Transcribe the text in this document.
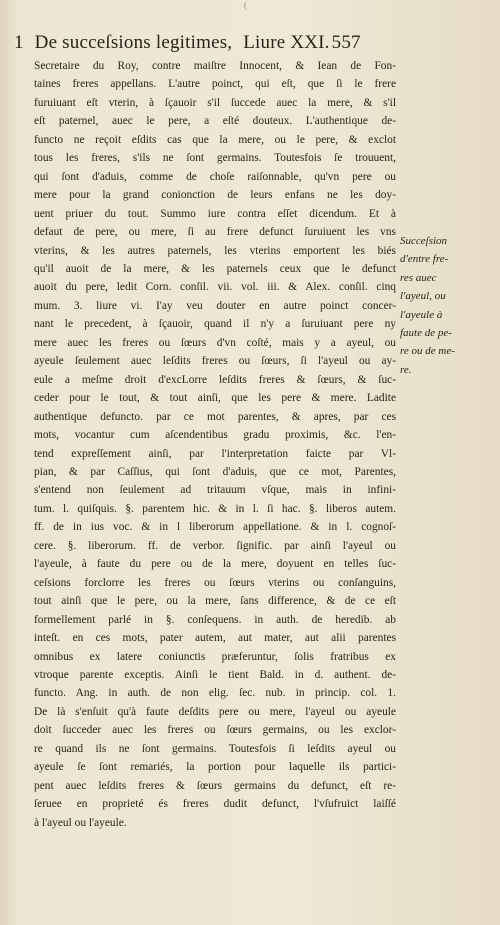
(
1 De succeſsions legitimes, Liure XXI. 557
Secretaire du Roy, contre maiſtre Innocent, & Iean de Fon-
taines freres appellans. L'autre poinct, qui eſt, que ſi le frere
furuiuant eſt vterin, à ſçauoir s'il ſuccede auec la mere, & s'il
eſt paternel, auec le pere, a eſté douteux. L'authentique de-
functo ne reçoit eſdits cas que la mere, ou le pere, & exclot
tous les freres, s'ils ne ſont germains. Toutesfois ſe trouuent,
qui ſont d'aduis, comme de choſe raiſonnable, qu'vn pere ou
mere pour la grand conionction de leurs enfans ne les doy-
uent priuer du tout. Summo iure contra eſſet dicendum. Et à
defaut de pere, ou mere, ſi au frere defunct ſuruiuent les vns
vterins, & les autres paternels, les vterins emportent les biés
qu'il auoit de la mere, & les paternels ceux que le defunct
auoit du pere, ledit Corn. conſil. vii. vol. iii. & Alex. conſil. cinq
mum. 3. liure vi. I'ay veu douter en autre poinct concer-
nant le precedent, à ſçauoir, quand il n'y a ſuruiuant pere ny
mere auec les freres ou ſœurs d'vn coſté, mais y a ayeul, ou
ayeule ſeulement auec leſdits freres ou ſœurs, ſi l'ayeul ou ay-
eule a meſme droit d'excLorre leſdits freres & ſœurs, & ſuc-
ceder pour le tout, & tout ainſi, que les pere & mere. Ladite
authentique defuncto. par ce mot parentes, & apres, par ces
mots, vocantur cum aſcendentibus gradu proximis, &c. l'en-
tend expreſſement ainſi, par l'interpretation faicte par Vl-
pian, & par Caſſius, qui ſont d'aduis, que ce mot, Parentes,
s'entend non ſeulement ad tritauum vſque, mais in infini-
tum. l. quiſquis. §. parentem hic. & in l. ſi hac. §. liberos autem.
ff. de in ius voc. & in l liberorum appellatione. & in l. cognoſ-
cere. §. liberorum. ff. de verbor. ſignific. par ainſi l'ayeul ou
l'ayeule, à faute du pere ou de la mere, doyuent en telles ſuc-
ceſsions forclorre les freres ou ſœurs vterins ou conſanguins,
tout ainſi que le pere, ou la mere, ſans difference, & de ce eſt
formellement parlé in §. conſequens. in auth. de heredib. ab
inteſt. en ces mots, pater autem, aut mater, aut alii parentes
omnibus ex latere coniunctis præferuntur, ſolis fratribus ex
vtroque parente exceptis. Ainſi le tient Bald. in d. authent. de-
functo. Ang. in auth. de non elig. ſec. nub. in princip. col. 1.
De là s'enſuit qu'à faute deſdits pere ou mere, l'ayeul ou ayeule
doit ſucceder auec les freres ou ſœurs germains, ou les exclor-
re quand ils ne ſont germains. Toutesfois ſi leſdits ayeul ou
ayeule ſe ſont remariés, la portion pour laquelle ils partici-
pent auec leſdits freres & ſœurs germains du defunct, eſt re-
ſeruee en proprieté és freres dudit defunct, l'vſufruict laiſſé
à l'ayeul ou l'ayeule.
Succeſsion
d'entre fre-
res auec
l'ayeul, ou
l'ayeule à
faute de pe-
re ou de me-
re.
